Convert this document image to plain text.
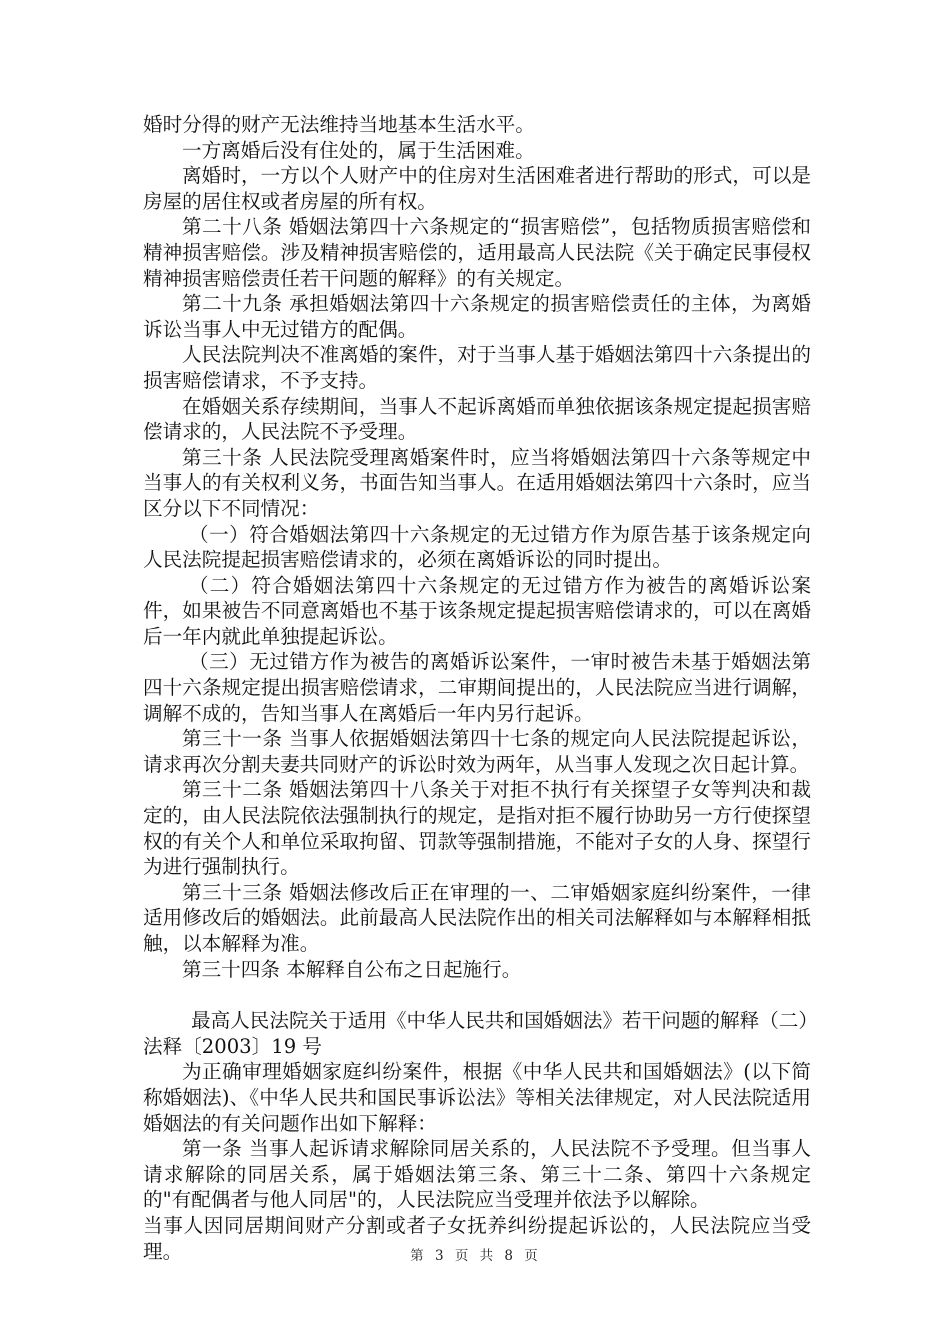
婚时分得的财产无法维持当地基本生活水平。

一方离婚后没有住处的，属于生活困难。

离婚时，一方以个人财产中的住房对生活困难者进行帮助的形式，可以是房屋的居住权或者房屋的所有权。

第二十八条 婚姻法第四十六条规定的“损害赔偿”，包括物质损害赔偿和精神损害赔偿。涉及精神损害赔偿的，适用最高人民法院《关于确定民事侵权精神损害赔偿责任若干问题的解释》的有关规定。

第二十九条 承担婚姻法第四十六条规定的损害赔偿责任的主体，为离婚诉讼当事人中无过错方的配偶。

人民法院判决不准离婚的案件，对于当事人基于婚姻法第四十六条提出的损害赔偿请求，不予支持。

在婚姻关系存续期间，当事人不起诉离婚而单独依据该条规定提起损害赔偿请求的，人民法院不予受理。

第三十条 人民法院受理离婚案件时，应当将婚姻法第四十六条等规定中当事人的有关权利义务，书面告知当事人。在适用婚姻法第四十六条时，应当区分以下不同情况：

（一）符合婚姻法第四十六条规定的无过错方作为原告基于该条规定向人民法院提起损害赔偿请求的，必须在离婚诉讼的同时提出。

（二）符合婚姻法第四十六条规定的无过错方作为被告的离婚诉讼案件，如果被告不同意离婚也不基于该条规定提起损害赔偿请求的，可以在离婚后一年内就此单独提起诉讼。

（三）无过错方作为被告的离婚诉讼案件，一审时被告未基于婚姻法第四十六条规定提出损害赔偿请求，二审期间提出的，人民法院应当进行调解，调解不成的，告知当事人在离婚后一年内另行起诉。

第三十一条 当事人依据婚姻法第四十七条的规定向人民法院提起诉讼，请求再次分割夫妻共同财产的诉讼时效为两年，从当事人发现之次日起计算。

第三十二条 婚姻法第四十八条关于对拒不执行有关探望子女等判决和裁定的，由人民法院依法强制执行的规定，是指对拒不履行协助另一方行使探望权的有关个人和单位采取拘留、罚款等强制措施，不能对子女的人身、探望行为进行强制执行。

第三十三条 婚姻法修改后正在审理的一、二审婚姻家庭纠纷案件，一律适用修改后的婚姻法。此前最高人民法院作出的相关司法解释如与本解释相抵触，以本解释为准。

第三十四条 本解释自公布之日起施行。

最高人民法院关于适用《中华人民共和国婚姻法》若干问题的解释（二）

法释〔2003〕19 号

为正确审理婚姻家庭纠纷案件，根据《中华人民共和国婚姻法》(以下简称婚姻法)、《中华人民共和国民事诉讼法》等相关法律规定，对人民法院适用婚姻法的有关问题作出如下解释：

第一条 当事人起诉请求解除同居关系的，人民法院不予受理。但当事人请求解除的同居关系，属于婚姻法第三条、第三十二条、第四十六条规定的"有配偶者与他人同居"的，人民法院应当受理并依法予以解除。

当事人因同居期间财产分割或者子女抚养纠纷提起诉讼的，人民法院应当受理。	第 3 页 共 8 页
